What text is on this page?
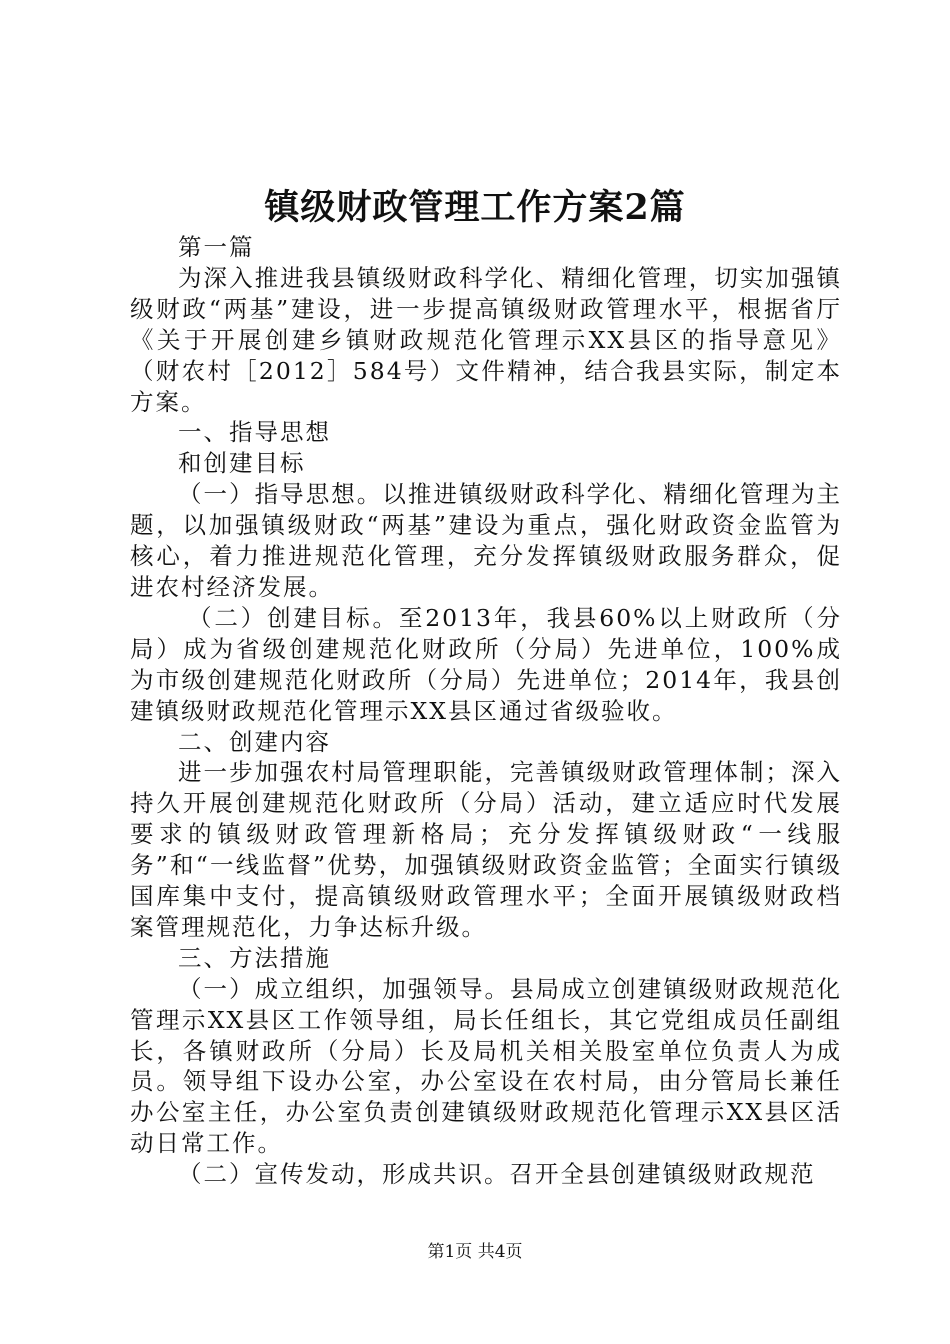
镇级财政管理工作方案2篇

第一篇

为深入推进我县镇级财政科学化、精细化管理，切实加强镇级财政“两基”建设，进一步提高镇级财政管理水平，根据省厅《关于开展创建乡镇财政规范化管理示XX县区的指导意见》（财农村［2012］584号）文件精神，结合我县实际，制定本方案。

一、指导思想

和创建目标

（一）指导思想。以推进镇级财政科学化、精细化管理为主题，以加强镇级财政“两基”建设为重点，强化财政资金监管为核心，着力推进规范化管理，充分发挥镇级财政服务群众，促进农村经济发展。

（二）创建目标。至2013年，我县60%以上财政所（分局）成为省级创建规范化财政所（分局）先进单位，100%成为市级创建规范化财政所（分局）先进单位；2014年，我县创建镇级财政规范化管理示XX县区通过省级验收。

二、创建内容

进一步加强农村局管理职能，完善镇级财政管理体制；深入持久开展创建规范化财政所（分局）活动，建立适应时代发展要求的镇级财政管理新格局；充分发挥镇级财政“一线服务”和“一线监督”优势，加强镇级财政资金监管；全面实行镇级国库集中支付，提高镇级财政管理水平；全面开展镇级财政档案管理规范化，力争达标升级。

三、方法措施

（一）成立组织，加强领导。县局成立创建镇级财政规范化管理示XX县区工作领导组，局长任组长，其它党组成员任副组长，各镇财政所（分局）长及局机关相关股室单位负责人为成员。领导组下设办公室，办公室设在农村局，由分管局长兼任办公室主任，办公室负责创建镇级财政规范化管理示XX县区活动日常工作。

（二）宣传发动，形成共识。召开全县创建镇级财政规范

第1页 共4页
